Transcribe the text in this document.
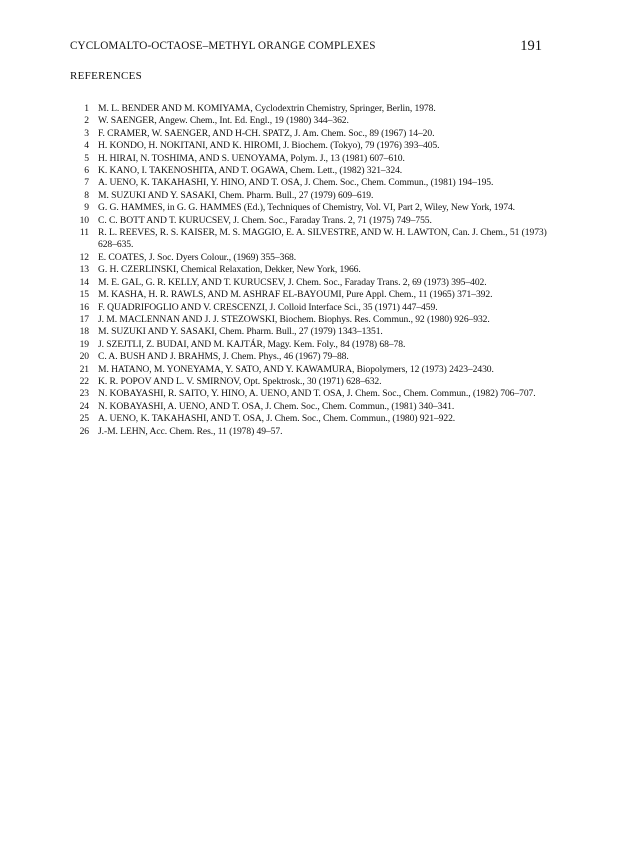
CYCLOMALTO-OCTAOSE–METHYL ORANGE COMPLEXES	191
REFERENCES
1 M. L. BENDER AND M. KOMIYAMA, Cyclodextrin Chemistry, Springer, Berlin, 1978.
2 W. SAENGER, Angew. Chem., Int. Ed. Engl., 19 (1980) 344–362.
3 F. CRAMER, W. SAENGER, AND H-CH. SPATZ, J. Am. Chem. Soc., 89 (1967) 14–20.
4 H. KONDO, H. NOKITANI, AND K. HIROMI, J. Biochem. (Tokyo), 79 (1976) 393–405.
5 H. HIRAI, N. TOSHIMA, AND S. UENOYAMA, Polym. J., 13 (1981) 607–610.
6 K. KANO, I. TAKENOSHITA, AND T. OGAWA, Chem. Lett., (1982) 321–324.
7 A. UENO, K. TAKAHASHI, Y. HINO, AND T. OSA, J. Chem. Soc., Chem. Commun., (1981) 194–195.
8 M. SUZUKI AND Y. SASAKI, Chem. Pharm. Bull., 27 (1979) 609–619.
9 G. G. HAMMES, in G. G. HAMMES (Ed.), Techniques of Chemistry, Vol. VI, Part 2, Wiley, New York, 1974.
10 C. C. BOTT AND T. KURUCSEV, J. Chem. Soc., Faraday Trans. 2, 71 (1975) 749–755.
11 R. L. REEVES, R. S. KAISER, M. S. MAGGIO, E. A. SILVESTRE, AND W. H. LAWTON, Can. J. Chem., 51 (1973) 628–635.
12 E. COATES, J. Soc. Dyers Colour., (1969) 355–368.
13 G. H. CZERLINSKI, Chemical Relaxation, Dekker, New York, 1966.
14 M. E. GAL, G. R. KELLY, AND T. KURUCSEV, J. Chem. Soc., Faraday Trans. 2, 69 (1973) 395–402.
15 M. KASHA, H. R. RAWLS, AND M. ASHRAF EL-BAYOUMI, Pure Appl. Chem., 11 (1965) 371–392.
16 F. QUADRIFOGLIO AND V. CRESCENZI, J. Colloid Interface Sci., 35 (1971) 447–459.
17 J. M. MACLENNAN AND J. J. STEZOWSKI, Biochem. Biophys. Res. Commun., 92 (1980) 926–932.
18 M. SUZUKI AND Y. SASAKI, Chem. Pharm. Bull., 27 (1979) 1343–1351.
19 J. SZEJTLI, Z. BUDAI, AND M. KAJTÁR, Magy. Kem. Foly., 84 (1978) 68–78.
20 C. A. BUSH AND J. BRAHMS, J. Chem. Phys., 46 (1967) 79–88.
21 M. HATANO, M. YONEYAMA, Y. SATO, AND Y. KAWAMURA, Biopolymers, 12 (1973) 2423–2430.
22 K. R. POPOV AND L. V. SMIRNOV, Opt. Spektrosk., 30 (1971) 628–632.
23 N. KOBAYASHI, R. SAITO, Y. HINO, A. UENO, AND T. OSA, J. Chem. Soc., Chem. Commun., (1982) 706–707.
24 N. KOBAYASHI, A. UENO, AND T. OSA, J. Chem. Soc., Chem. Commun., (1981) 340–341.
25 A. UENO, K. TAKAHASHI, AND T. OSA, J. Chem. Soc., Chem. Commun., (1980) 921–922.
26 J.-M. LEHN, Acc. Chem. Res., 11 (1978) 49–57.
